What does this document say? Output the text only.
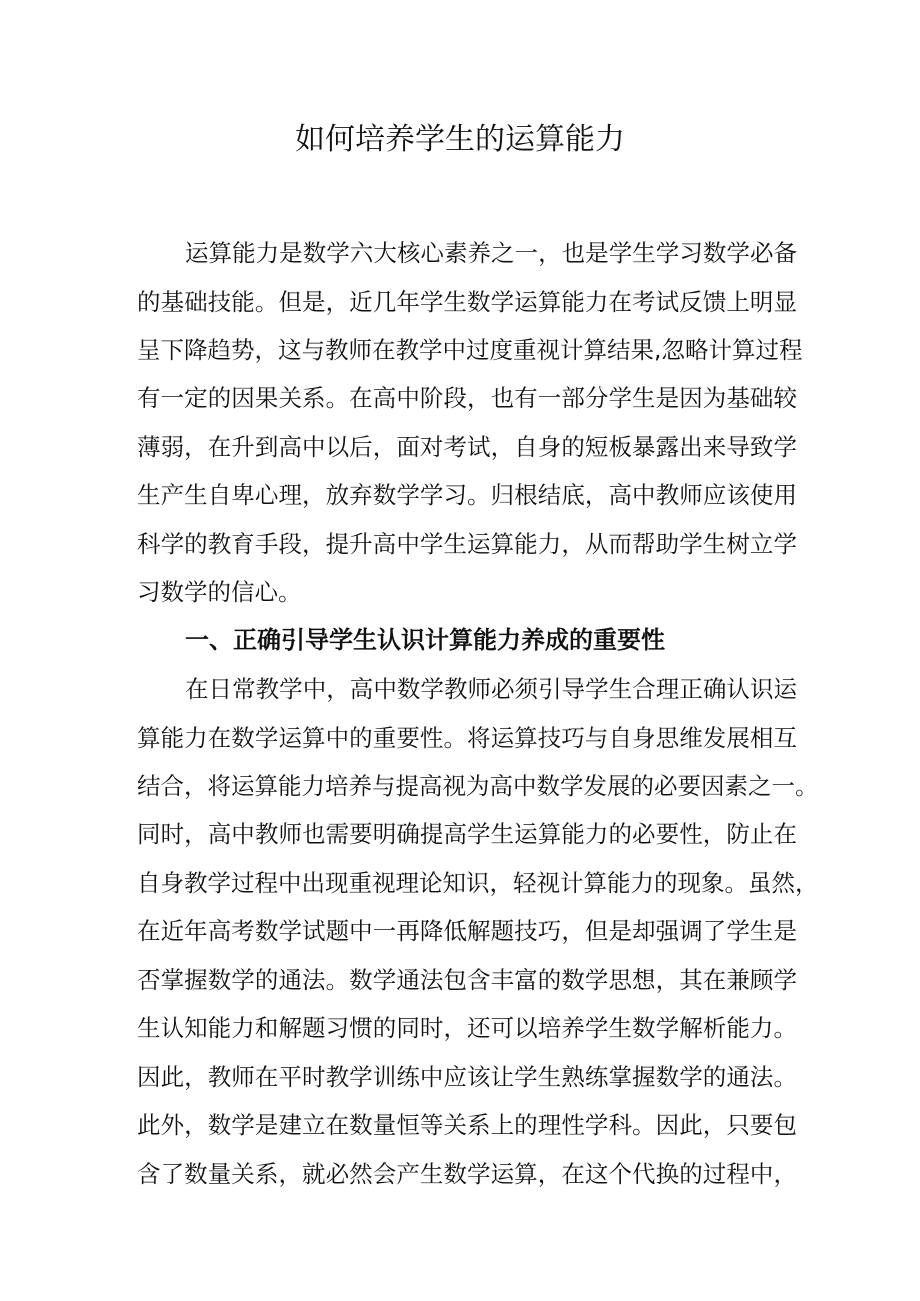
如何培养学生的运算能力

运算能力是数学六大核心素养之一，也是学生学习数学必备

的基础技能。但是，近几年学生数学运算能力在考试反馈上明显

呈下降趋势，这与教师在教学中过度重视计算结果,忽略计算过程

有一定的因果关系。在高中阶段，也有一部分学生是因为基础较

薄弱，在升到高中以后，面对考试，自身的短板暴露出来导致学

生产生自卑心理，放弃数学学习。归根结底，高中教师应该使用

科学的教育手段，提升高中学生运算能力，从而帮助学生树立学

习数学的信心。

一、正确引导学生认识计算能力养成的重要性

在日常教学中，高中数学教师必须引导学生合理正确认识运

算能力在数学运算中的重要性。将运算技巧与自身思维发展相互

结合，将运算能力培养与提高视为高中数学发展的必要因素之一。

同时，高中教师也需要明确提高学生运算能力的必要性，防止在

自身教学过程中出现重视理论知识，轻视计算能力的现象。虽然，

在近年高考数学试题中一再降低解题技巧，但是却强调了学生是

否掌握数学的通法。数学通法包含丰富的数学思想，其在兼顾学

生认知能力和解题习惯的同时，还可以培养学生数学解析能力。

因此，教师在平时教学训练中应该让学生熟练掌握数学的通法。

此外，数学是建立在数量恒等关系上的理性学科。因此，只要包

含了数量关系，就必然会产生数学运算，在这个代换的过程中，
